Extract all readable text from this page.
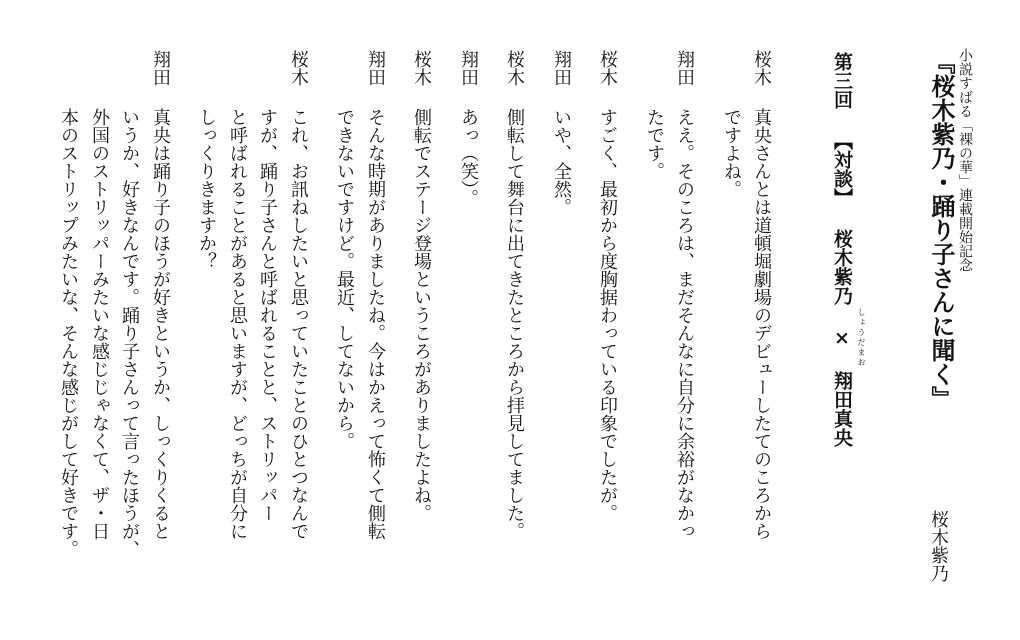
小説すばる「裸の華」連載開始記念
『桜木紫乃・踊り子さんに聞く』
桜木紫乃
第三回 【対談】 桜木紫乃 × 翔田真央 しょうだまお
桜木
真央さんとは道頓堀劇場のデビューしたてのころから
ですよね。
翔田
ええ。そのころは、まだそんなに自分に余裕がなかっ
たです。
桜木
すごく、最初から度胸据わっている印象でしたが。
翔田
いや、全然。
桜木
側転して舞台に出てきたところから拝見してました。
翔田
あっ（笑）。
桜木
側転でステージ登場というころがありましたよね。
翔田
そんな時期がありましたね。今はかえって怖くて側転
できないですけど。最近、してないから。
桜木
これ、お訊ねしたいと思っていたことのひとつなんで
すが、踊り子さんと呼ばれることと、ストリッパー
と呼ばれることがあると思いますが、どっちが自分に
しっくりきますか？
翔田
真央は踊り子のほうが好きというか、しっくりくると
いうか、好きなんです。踊り子さんって言ったほうが、
外国のストリッパーみたいな感じじゃなくて、ザ・日
本のストリップみたいな、そんな感じがして好きです。
